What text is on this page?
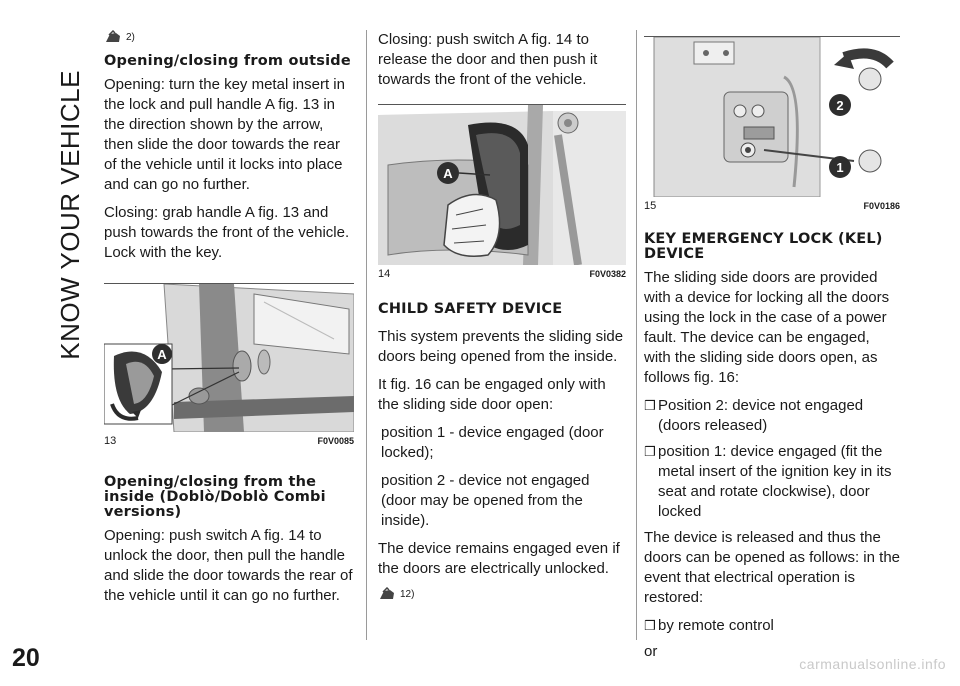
KNOW YOUR VEHICLE
20	carmanualsonline.info
2)
Opening/closing from outside

Opening: turn the key metal insert in the lock and pull handle A fig. 13 in the direction shown by the arrow, then slide the door towards the rear of the vehicle until it locks into place and can go no further.

Closing: grab handle A fig. 13 and push towards the front of the vehicle. Lock with the key.

A
13	F0V0085
Opening/closing from the inside (Doblò/Doblò Combi versions)

Opening: push switch A fig. 14 to unlock the door, then pull the handle and slide the door towards the rear of the vehicle until it can go no further.

Closing: push switch A fig. 14 to release the door and then push it towards the front of the vehicle.

A
14	F0V0382
CHILD SAFETY DEVICE

This system prevents the sliding side doors being opened from the inside.

It fig. 16 can be engaged only with the sliding side door open:

position 1 - device engaged (door locked);

position 2 - device not engaged (door may be opened from the inside).

The device remains engaged even if the doors are electrically unlocked.

12)
2
1
15	F0V0186
KEY EMERGENCY LOCK (KEL) DEVICE

The sliding side doors are provided with a device for locking all the doors using the lock in the case of a power fault. The device can be engaged, with the sliding side doors open, as follows fig. 16:

❒ Position 2: device not engaged (doors released)
❒ position 1: device engaged (fit the metal insert of the ignition key in its seat and rotate clockwise), door locked

The device is released and thus the doors can be opened as follows: in the event that electrical operation is restored:

❒ by remote control

or
